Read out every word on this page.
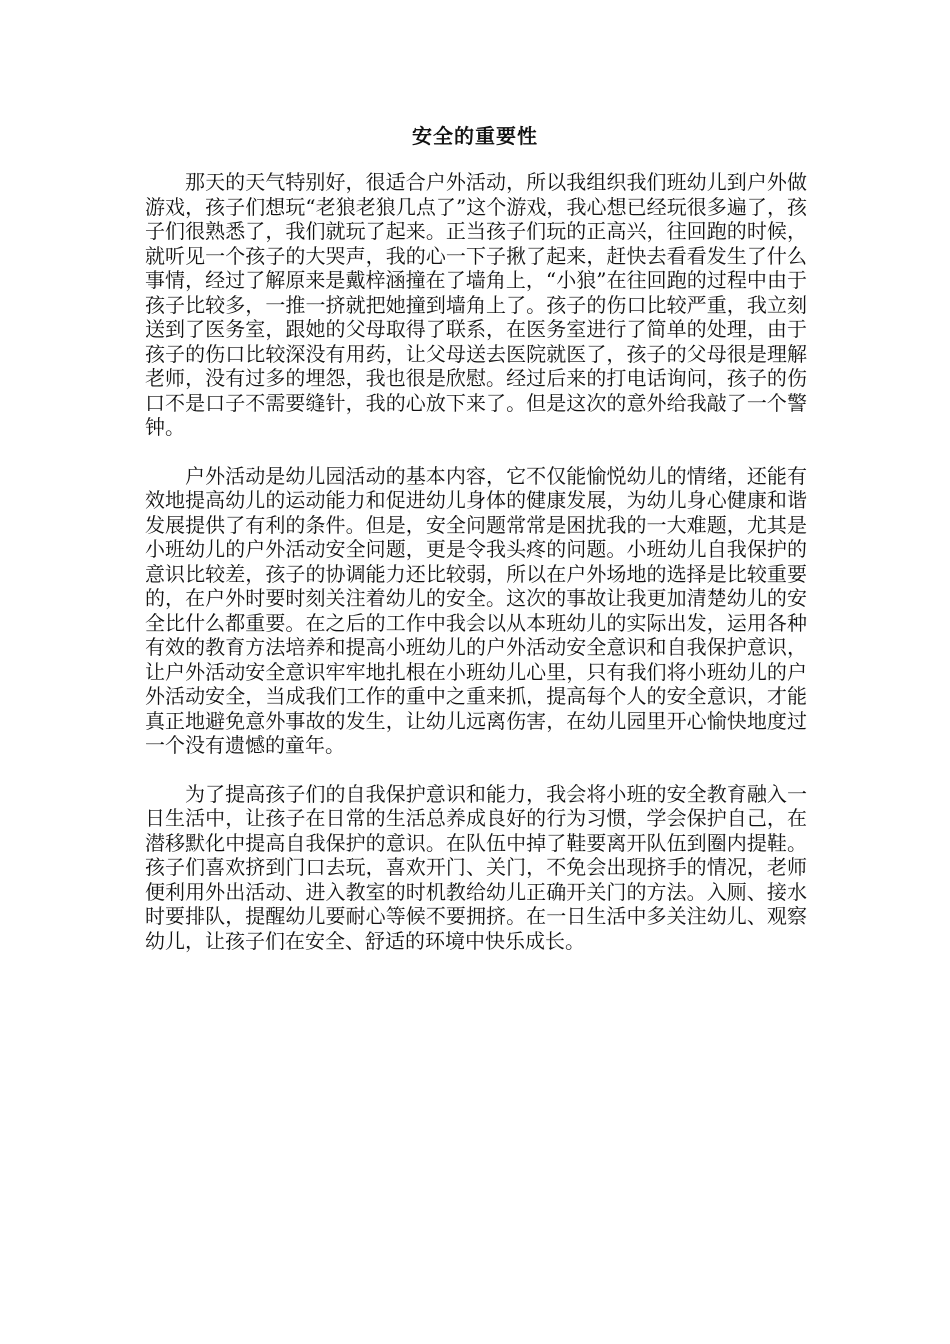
安全的重要性

那天的天气特别好，很适合户外活动，所以我组织我们班幼儿到户外做游戏，孩子们想玩“老狼老狼几点了”这个游戏，我心想已经玩很多遍了，孩子们很熟悉了，我们就玩了起来。正当孩子们玩的正高兴，往回跑的时候，就听见一个孩子的大哭声，我的心一下子揪了起来，赶快去看看发生了什么事情，经过了解原来是戴梓涵撞在了墙角上，“小狼”在往回跑的过程中由于孩子比较多，一推一挤就把她撞到墙角上了。孩子的伤口比较严重，我立刻送到了医务室，跟她的父母取得了联系，在医务室进行了简单的处理，由于孩子的伤口比较深没有用药，让父母送去医院就医了，孩子的父母很是理解老师，没有过多的埋怨，我也很是欣慰。经过后来的打电话询问，孩子的伤口不是口子不需要缝针，我的心放下来了。但是这次的意外给我敲了一个警钟。

户外活动是幼儿园活动的基本内容，它不仅能愉悦幼儿的情绪，还能有效地提高幼儿的运动能力和促进幼儿身体的健康发展，为幼儿身心健康和谐发展提供了有利的条件。但是，安全问题常常是困扰我的一大难题，尤其是小班幼儿的户外活动安全问题，更是令我头疼的问题。小班幼儿自我保护的意识比较差，孩子的协调能力还比较弱，所以在户外场地的选择是比较重要的，在户外时要时刻关注着幼儿的安全。这次的事故让我更加清楚幼儿的安全比什么都重要。在之后的工作中我会以从本班幼儿的实际出发，运用各种有效的教育方法培养和提高小班幼儿的户外活动安全意识和自我保护意识，让户外活动安全意识牢牢地扎根在小班幼儿心里，只有我们将小班幼儿的户外活动安全，当成我们工作的重中之重来抓，提高每个人的安全意识，才能真正地避免意外事故的发生，让幼儿远离伤害，在幼儿园里开心愉快地度过一个没有遗憾的童年。

为了提高孩子们的自我保护意识和能力，我会将小班的安全教育融入一日生活中，让孩子在日常的生活总养成良好的行为习惯，学会保护自己，在潜移默化中提高自我保护的意识。在队伍中掉了鞋要离开队伍到圈内提鞋。孩子们喜欢挤到门口去玩，喜欢开门、关门，不免会出现挤手的情况，老师便利用外出活动、进入教室的时机教给幼儿正确开关门的方法。入厕、接水时要排队，提醒幼儿要耐心等候不要拥挤。在一日生活中多关注幼儿、观察幼儿，让孩子们在安全、舒适的环境中快乐成长。
